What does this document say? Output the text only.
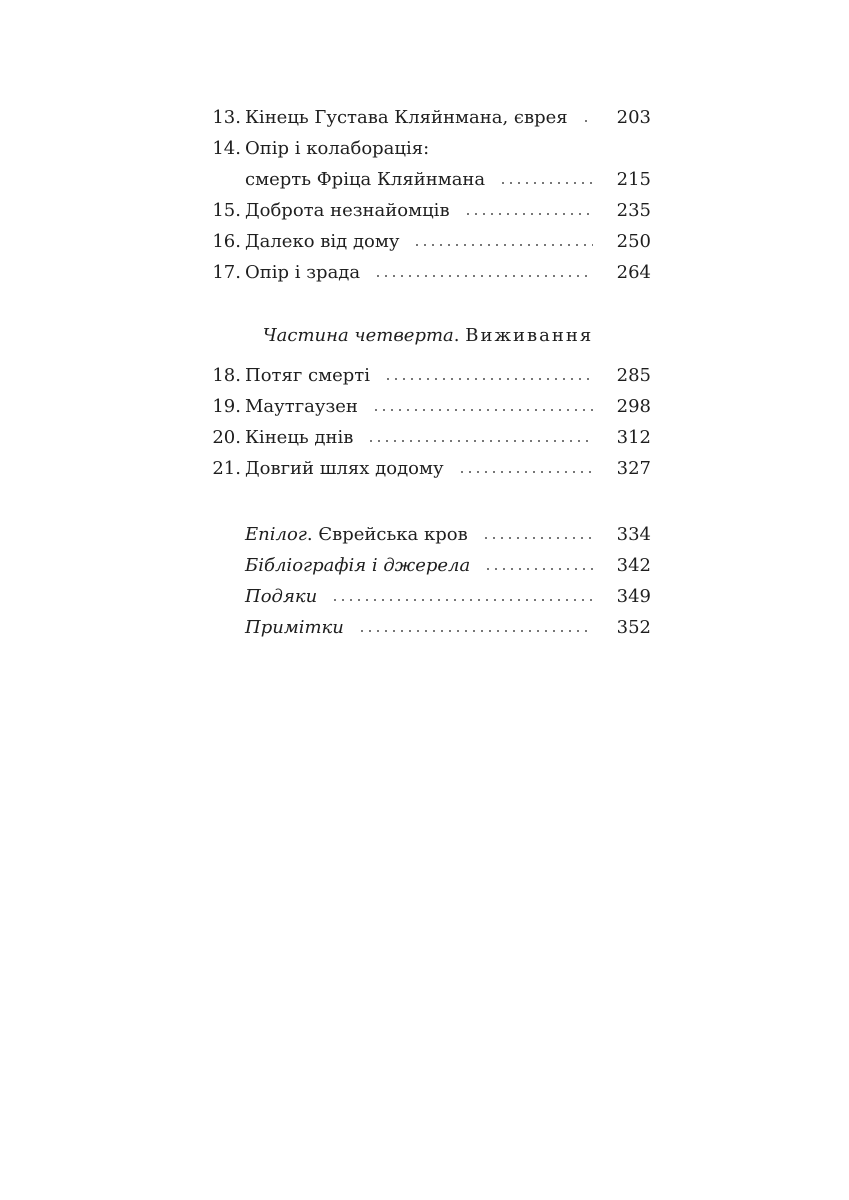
13. Кінець Густава Кляйнмана, єврея	203
14. Опір і колаборація:
смерть Фріца Кляйнмана	215
15. Доброта незнайомців	235
16. Далеко від дому	250
17. Опір і зрада	264
Частина четверта. Виживання
18. Потяг смерті	285
19. Маутгаузен	298
20. Кінець днів	312
21. Довгий шлях додому	327
Епілог. Єврейська кров	334
Бібліографія і джерела	342
Подяки	349
Примітки	352
